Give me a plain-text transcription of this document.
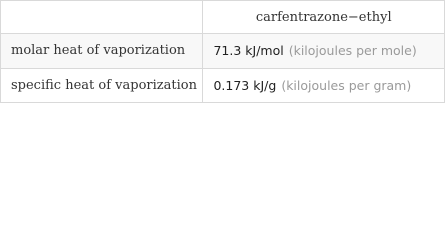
	carfentrazone−ethyl
molar heat of vaporization	71.3 kJ/mol (kilojoules per mole)
specific heat of vaporization	0.173 kJ/g (kilojoules per gram)
